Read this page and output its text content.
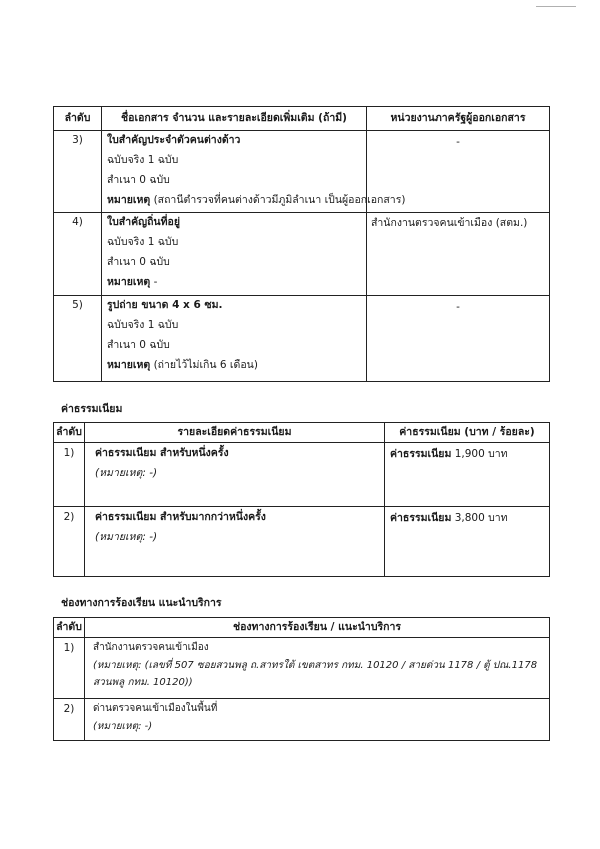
ลำดับ	ชื่อเอกสาร จำนวน และรายละเอียดเพิ่มเติม (ถ้ามี)	หน่วยงานภาครัฐผู้ออกเอกสาร
3)	ใบสำคัญประจำตัวคนต่างด้าว
ฉบับจริง 1 ฉบับ
สำเนา 0 ฉบับ
หมายเหตุ (สถานีตำรวจที่คนต่างด้าวมีภูมิลำเนา เป็นผู้ออกเอกสาร)	-

4)	ใบสำคัญถิ่นที่อยู่
ฉบับจริง 1 ฉบับ
สำเนา 0 ฉบับ
หมายเหตุ -	สำนักงานตรวจคนเข้าเมือง (สตม.)
5)	รูปถ่าย ขนาด 4 x 6 ซม.
ฉบับจริง 1 ฉบับ
สำเนา 0 ฉบับ
หมายเหตุ (ถ่ายไว้ไม่เกิน 6 เดือน)	-
ค่าธรรมเนียม
ลำดับ	รายละเอียดค่าธรรมเนียม	ค่าธรรมเนียม (บาท / ร้อยละ)
1)	ค่าธรรมเนียม สำหรับหนึ่งครั้ง
(หมายเหตุ: -)	ค่าธรรมเนียม 1,900 บาท

2)	ค่าธรรมเนียม สำหรับมากกว่าหนึ่งครั้ง
(หมายเหตุ: -)	ค่าธรรมเนียม 3,800 บาท
ช่องทางการร้องเรียน แนะนำบริการ
ลำดับ	ช่องทางการร้องเรียน / แนะนำบริการ
1)	สำนักงานตรวจคนเข้าเมือง
(หมายเหตุ: (เลขที่ 507 ซอยสวนพลู ถ.สาทรใต้ เขตสาทร กทม. 10120 / สายด่วน 1178 / ตู้ ปณ.1178
สวนพลู กทม. 10120))

2)	ด่านตรวจคนเข้าเมืองในพื้นที่
(หมายเหตุ: -)
